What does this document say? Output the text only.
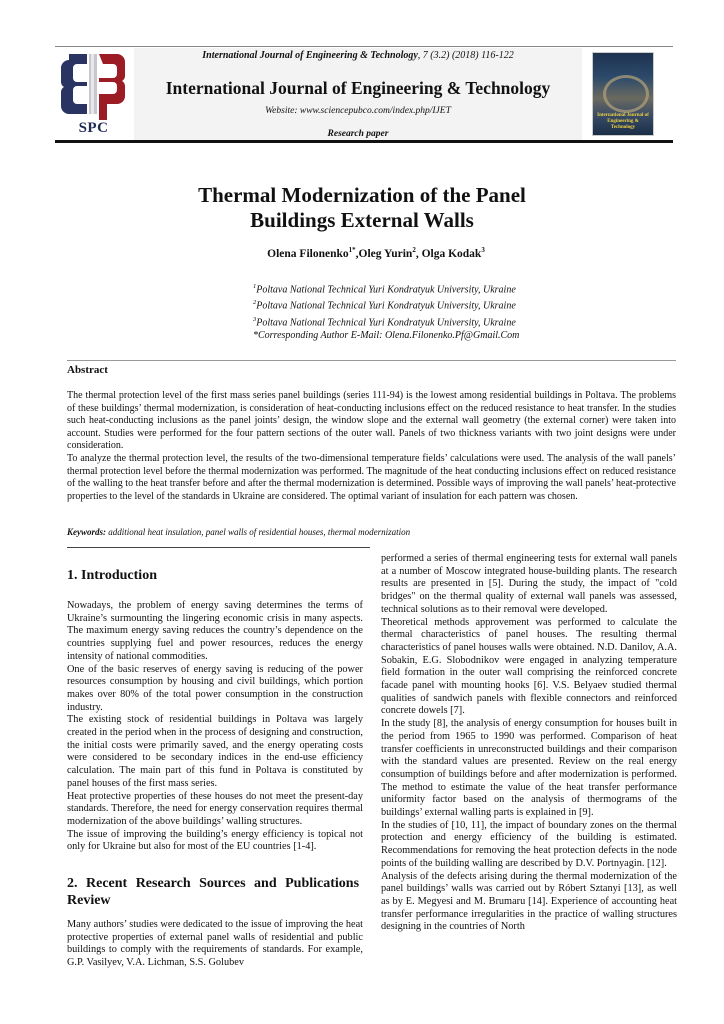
SPC
International Journal of Engineering & Technology, 7 (3.2) (2018) 116-122
International Journal of Engineering & Technology
Website: www.sciencepubco.com/index.php/IJET
Research paper
International Journal of Engineering & Technology
Thermal Modernization of the Panel
Buildings External Walls
Olena Filonenko$^{1*}$,Oleg Yurin$^2$, Olga Kodak$^3$
$^1$Poltava National Technical Yuri Kondratyuk University, Ukraine
$^2$Poltava National Technical Yuri Kondratyuk University, Ukraine
$^3$Poltava National Technical Yuri Kondratyuk University, Ukraine
*Corresponding Author E-Mail: Olena.Filonenko.Pf@Gmail.Com
Abstract

The thermal protection level of the first mass series panel buildings (series 111-94) is the lowest among residential buildings in Poltava. The problems of these buildings’ thermal modernization, is consideration of heat-conducting inclusions effect on the reduced resistance to heat transfer. In the studies such heat-conducting inclusions as the panel joints’ design, the window slope and the external wall geometry (the external corner) were taken into account. Studies were performed for the four pattern sections of the outer wall. Panels of two thickness variants with two joint designs were under consideration.

To analyze the thermal protection level, the results of the two-dimensional temperature fields’ calculations were used. The analysis of the wall panels’ thermal protection level before the thermal modernization was performed. The magnitude of the heat conducting inclusions effect on reduced resistance of the walling to the heat transfer before and after the thermal modernization is determined. Possible ways of improving the wall panels’ heat-protective properties to the level of the standards in Ukraine are considered. The optimal variant of insulation for each pattern was chosen.

Keywords: additional heat insulation, panel walls of residential houses, thermal modernization
1. Introduction

Nowadays, the problem of energy saving determines the terms of Ukraine’s surmounting the lingering economic crisis in many aspects. The maximum energy saving reduces the country’s dependence on the countries supplying fuel and power resources, reduces the energy intensity of national commodities.

One of the basic reserves of energy saving is reducing of the power resources consumption by housing and civil buildings, which portion makes over 80% of the total power consumption in the construction industry.

The existing stock of residential buildings in Poltava was largely created in the period when in the process of designing and construction, the initial costs were primarily saved, and the energy operating costs were considered to be secondary indices in the end-use efficiency calculation. The main part of this fund in Poltava is constituted by panel houses of the first mass series.

Heat protective properties of these houses do not meet the present-day standards. Therefore, the need for energy conservation requires thermal modernization of the above buildings’ walling structures.

The issue of improving the building’s energy efficiency is topical not only for Ukraine but also for most of the EU countries [1-4].

2. Recent Research Sources and Publications Review

Many authors’ studies were dedicated to the issue of improving the heat protective properties of external panel walls of residential and public buildings to comply with the requirements of standards. For example, G.P. Vasilyev, V.A. Lichman, S.S. Golubev

performed a series of thermal engineering tests for external wall panels at a number of Moscow integrated house-building plants. The research results are presented in [5]. During the study, the impact of "cold bridges" on the thermal quality of external wall panels was assessed, technical solutions as to their removal were developed.

Theoretical methods approvement was performed to calculate the thermal characteristics of panel houses. The resulting thermal characteristics of panel houses walls were obtained. N.D. Danilov, A.A. Sobakin, E.G. Slobodnikov were engaged in analyzing temperature field formation in the outer wall comprising the reinforced concrete facade panel with mounting hooks [6]. V.S. Belyaev studied thermal qualities of sandwich panels with flexible connectors and reinforced concrete dowels [7].

In the study [8], the analysis of energy consumption for houses built in the period from 1965 to 1990 was performed. Comparison of heat transfer coefficients in unreconstructed buildings and their comparison with the standard values are presented. Review on the real energy consumption of buildings before and after modernization is performed. The method to estimate the value of the heat transfer performance uniformity factor based on the analysis of thermograms of the buildings’ external walling parts is explained in [9].

In the studies of [10, 11], the impact of boundary zones on the thermal protection and energy efficiency of the building is estimated. Recommendations for removing the heat protection defects in the node points of the building walling are described by D.V. Portnyagin. [12].

Analysis of the defects arising during the thermal modernization of the panel buildings’ walls was carried out by Róbert Sztanyi [13], as well as by E. Megyesi and M. Brumaru [14]. Experience of accounting heat transfer performance irregularities in the practice of walling structures designing in the countries of North
